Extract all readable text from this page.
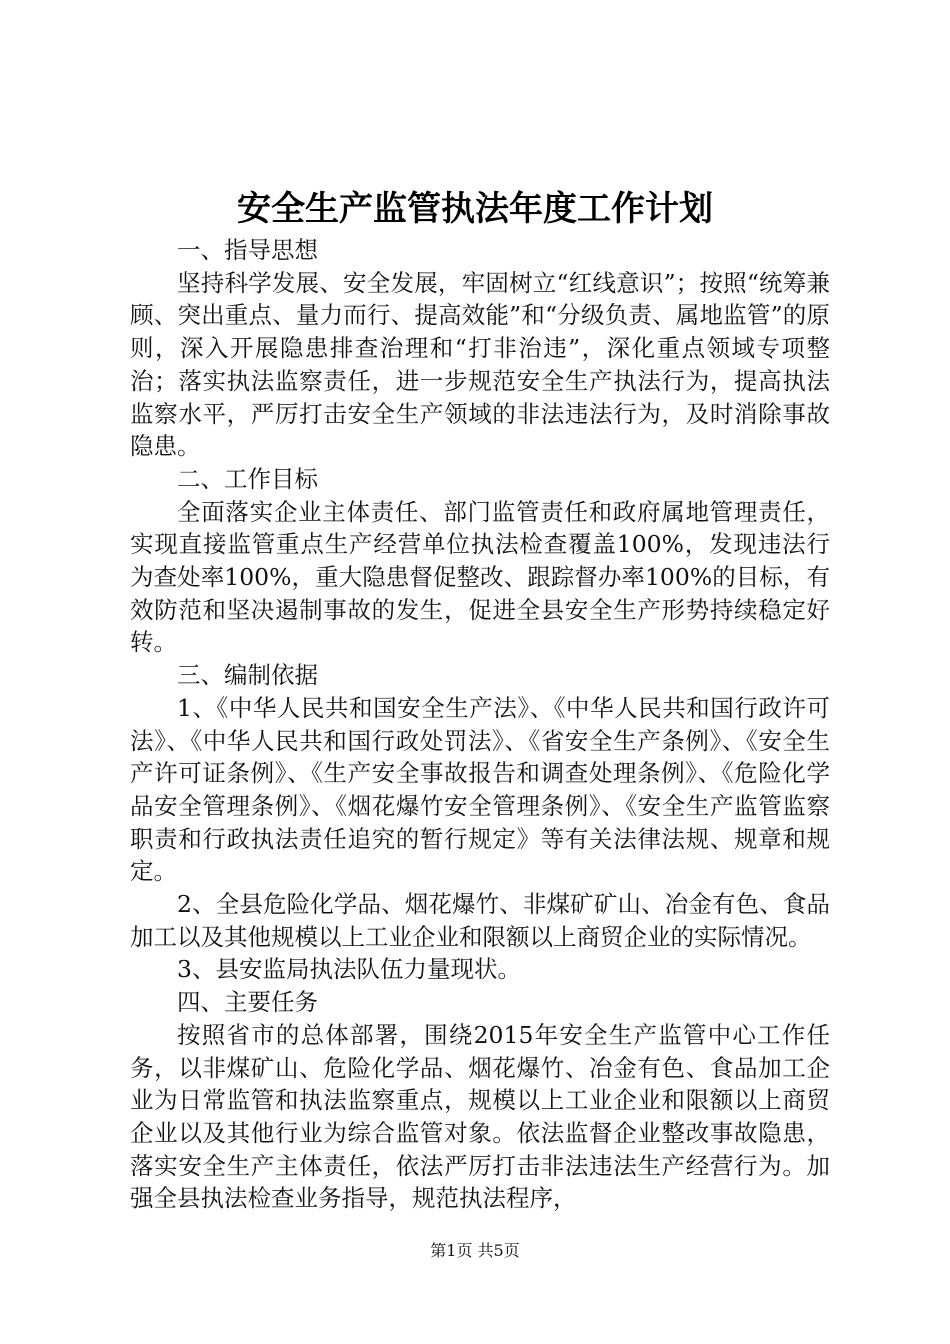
安全生产监管执法年度工作计划

一、指导思想

坚持科学发展、安全发展，牢固树立“红线意识”；按照“统筹兼顾、突出重点、量力而行、提高效能”和“分级负责、属地监管”的原则，深入开展隐患排查治理和“打非治违”，深化重点领域专项整治；落实执法监察责任，进一步规范安全生产执法行为，提高执法监察水平，严厉打击安全生产领域的非法违法行为，及时消除事故隐患。

二、工作目标

全面落实企业主体责任、部门监管责任和政府属地管理责任，实现直接监管重点生产经营单位执法检查覆盖100%，发现违法行为查处率100%，重大隐患督促整改、跟踪督办率100%的目标，有效防范和坚决遏制事故的发生，促进全县安全生产形势持续稳定好转。

三、编制依据

1、《中华人民共和国安全生产法》、《中华人民共和国行政许可法》、《中华人民共和国行政处罚法》、《省安全生产条例》、《安全生产许可证条例》、《生产安全事故报告和调查处理条例》、《危险化学品安全管理条例》、《烟花爆竹安全管理条例》、《安全生产监管监察职责和行政执法责任追究的暂行规定》等有关法律法规、规章和规定。

2、全县危险化学品、烟花爆竹、非煤矿矿山、冶金有色、食品加工以及其他规模以上工业企业和限额以上商贸企业的实际情况。

3、县安监局执法队伍力量现状。

四、主要任务

按照省市的总体部署，围绕2015年安全生产监管中心工作任务，以非煤矿山、危险化学品、烟花爆竹、冶金有色、食品加工企业为日常监管和执法监察重点，规模以上工业企业和限额以上商贸企业以及其他行业为综合监管对象。依法监督企业整改事故隐患，落实安全生产主体责任，依法严厉打击非法违法生产经营行为。加强全县执法检查业务指导，规范执法程序，

第1页 共5页
